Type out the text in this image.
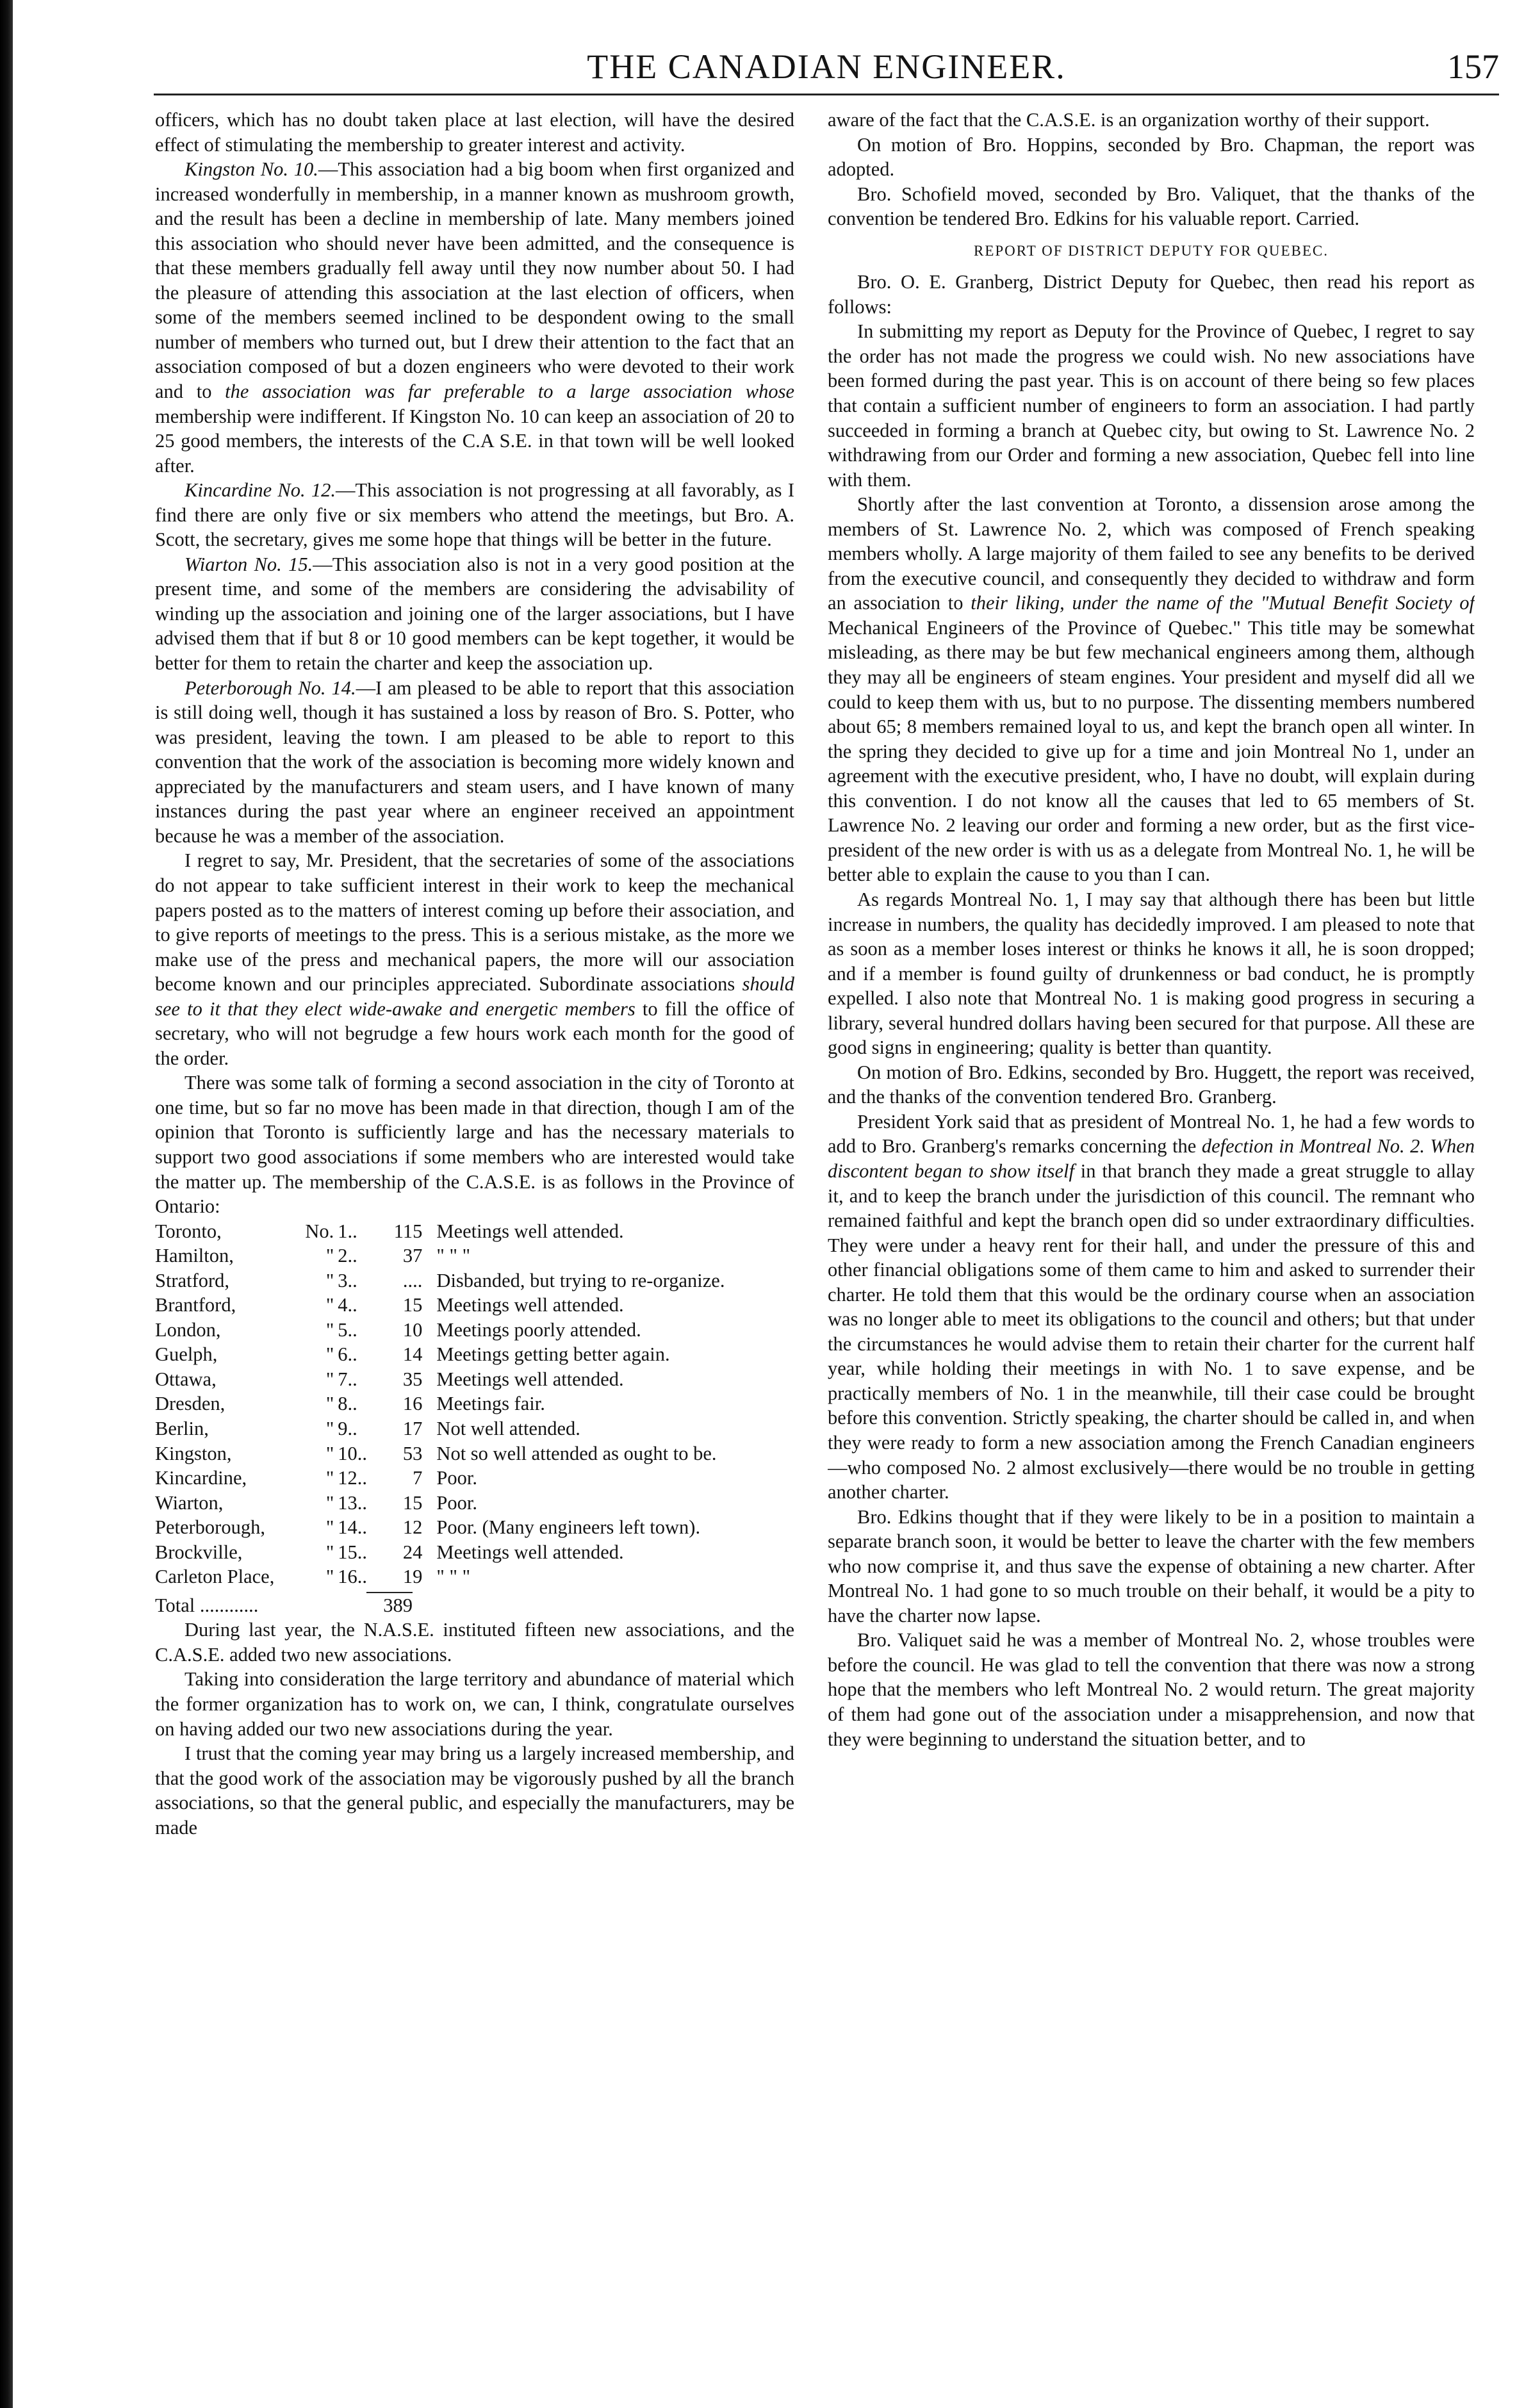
THE CANADIAN ENGINEER.	157

officers, which has no doubt taken place at last election, will have the desired effect of stimulating the membership to greater interest and activity.

Kingston No. 10.—This association had a big boom when first organized and increased wonderfully in membership, in a manner known as mushroom growth, and the result has been a decline in membership of late. Many members joined this association who should never have been admitted, and the consequence is that these members gradually fell away until they now number about 50. I had the pleasure of attending this association at the last election of officers, when some of the members seemed inclined to be despondent owing to the small number of members who turned out, but I drew their attention to the fact that an association composed of but a dozen engineers who were devoted to their work and to the association was far preferable to a large association whose membership were indifferent. If Kingston No. 10 can keep an association of 20 to 25 good members, the interests of the C.A S.E. in that town will be well looked after.

Kincardine No. 12.—This association is not progressing at all favorably, as I find there are only five or six members who attend the meetings, but Bro. A. Scott, the secretary, gives me some hope that things will be better in the future.

Wiarton No. 15.—This association also is not in a very good position at the present time, and some of the members are considering the advisability of winding up the association and joining one of the larger associations, but I have advised them that if but 8 or 10 good members can be kept together, it would be better for them to retain the charter and keep the association up.

Peterborough No. 14.—I am pleased to be able to report that this association is still doing well, though it has sustained a loss by reason of Bro. S. Potter, who was president, leaving the town. I am pleased to be able to report to this convention that the work of the association is becoming more widely known and appreciated by the manufacturers and steam users, and I have known of many instances during the past year where an engineer received an appointment because he was a member of the association.

I regret to say, Mr. President, that the secretaries of some of the associations do not appear to take sufficient interest in their work to keep the mechanical papers posted as to the matters of interest coming up before their association, and to give reports of meetings to the press. This is a serious mistake, as the more we make use of the press and mechanical papers, the more will our association become known and our principles appreciated. Subordinate associations should see to it that they elect wide-awake and energetic members to fill the office of secretary, who will not begrudge a few hours work each month for the good of the order.

There was some talk of forming a second association in the city of Toronto at one time, but so far no move has been made in that direction, though I am of the opinion that Toronto is sufficiently large and has the necessary materials to support two good associations if some members who are interested would take the matter up. The membership of the C.A.S.E. is as follows in the Province of Ontario:

Toronto,	No.	1..	115	Meetings well attended.
Hamilton,	"	2..	37	" " "
Stratford,	"	3..	....	Disbanded, but trying to re-organize.
Brantford,	"	4..	15	Meetings well attended.
London,	"	5..	10	Meetings poorly attended.
Guelph,	"	6..	14	Meetings getting better again.
Ottawa,	"	7..	35	Meetings well attended.
Dresden,	"	8..	16	Meetings fair.
Berlin,	"	9..	17	Not well attended.
Kingston,	"	10..	53	Not so well attended as ought to be.
Kincardine,	"	12..	7	Poor.
Wiarton,	"	13..	15	Poor.
Peterborough,	"	14..	12	Poor. (Many engineers left town).
Brockville,	"	15..	24	Meetings well attended.
Carleton Place,	"	16..	19	" " "
Total ............	389

During last year, the N.A.S.E. instituted fifteen new associations, and the C.A.S.E. added two new associations.

Taking into consideration the large territory and abundance of material which the former organization has to work on, we can, I think, congratulate ourselves on having added our two new associations during the year.

I trust that the coming year may bring us a largely increased membership, and that the good work of the association may be vigorously pushed by all the branch associations, so that the general public, and especially the manufacturers, may be made

aware of the fact that the C.A.S.E. is an organization worthy of their support.

On motion of Bro. Hoppins, seconded by Bro. Chapman, the report was adopted.

Bro. Schofield moved, seconded by Bro. Valiquet, that the thanks of the convention be tendered Bro. Edkins for his valuable report. Carried.

REPORT OF DISTRICT DEPUTY FOR QUEBEC.

Bro. O. E. Granberg, District Deputy for Quebec, then read his report as follows:

In submitting my report as Deputy for the Province of Quebec, I regret to say the order has not made the progress we could wish. No new associations have been formed during the past year. This is on account of there being so few places that contain a sufficient number of engineers to form an association. I had partly succeeded in forming a branch at Quebec city, but owing to St. Lawrence No. 2 withdrawing from our Order and forming a new association, Quebec fell into line with them.

Shortly after the last convention at Toronto, a dissension arose among the members of St. Lawrence No. 2, which was composed of French speaking members wholly. A large majority of them failed to see any benefits to be derived from the executive council, and consequently they decided to withdraw and form an association to their liking, under the name of the "Mutual Benefit Society of Mechanical Engineers of the Province of Quebec." This title may be somewhat misleading, as there may be but few mechanical engineers among them, although they may all be engineers of steam engines. Your president and myself did all we could to keep them with us, but to no purpose. The dissenting members numbered about 65; 8 members remained loyal to us, and kept the branch open all winter. In the spring they decided to give up for a time and join Montreal No 1, under an agreement with the executive president, who, I have no doubt, will explain during this convention. I do not know all the causes that led to 65 members of St. Lawrence No. 2 leaving our order and forming a new order, but as the first vice-president of the new order is with us as a delegate from Montreal No. 1, he will be better able to explain the cause to you than I can.

As regards Montreal No. 1, I may say that although there has been but little increase in numbers, the quality has decidedly improved. I am pleased to note that as soon as a member loses interest or thinks he knows it all, he is soon dropped; and if a member is found guilty of drunkenness or bad conduct, he is promptly expelled. I also note that Montreal No. 1 is making good progress in securing a library, several hundred dollars having been secured for that purpose. All these are good signs in engineering; quality is better than quantity.

On motion of Bro. Edkins, seconded by Bro. Huggett, the report was received, and the thanks of the convention tendered Bro. Granberg.

President York said that as president of Montreal No. 1, he had a few words to add to Bro. Granberg's remarks concerning the defection in Montreal No. 2. When discontent began to show itself in that branch they made a great struggle to allay it, and to keep the branch under the jurisdiction of this council. The remnant who remained faithful and kept the branch open did so under extraordinary difficulties. They were under a heavy rent for their hall, and under the pressure of this and other financial obligations some of them came to him and asked to surrender their charter. He told them that this would be the ordinary course when an association was no longer able to meet its obligations to the council and others; but that under the circumstances he would advise them to retain their charter for the current half year, while holding their meetings in with No. 1 to save expense, and be practically members of No. 1 in the meanwhile, till their case could be brought before this convention. Strictly speaking, the charter should be called in, and when they were ready to form a new association among the French Canadian engineers—who composed No. 2 almost exclusively—there would be no trouble in getting another charter.

Bro. Edkins thought that if they were likely to be in a position to maintain a separate branch soon, it would be better to leave the charter with the few members who now comprise it, and thus save the expense of obtaining a new charter. After Montreal No. 1 had gone to so much trouble on their behalf, it would be a pity to have the charter now lapse.

Bro. Valiquet said he was a member of Montreal No. 2, whose troubles were before the council. He was glad to tell the convention that there was now a strong hope that the members who left Montreal No. 2 would return. The great majority of them had gone out of the association under a misapprehension, and now that they were beginning to understand the situation better, and to
